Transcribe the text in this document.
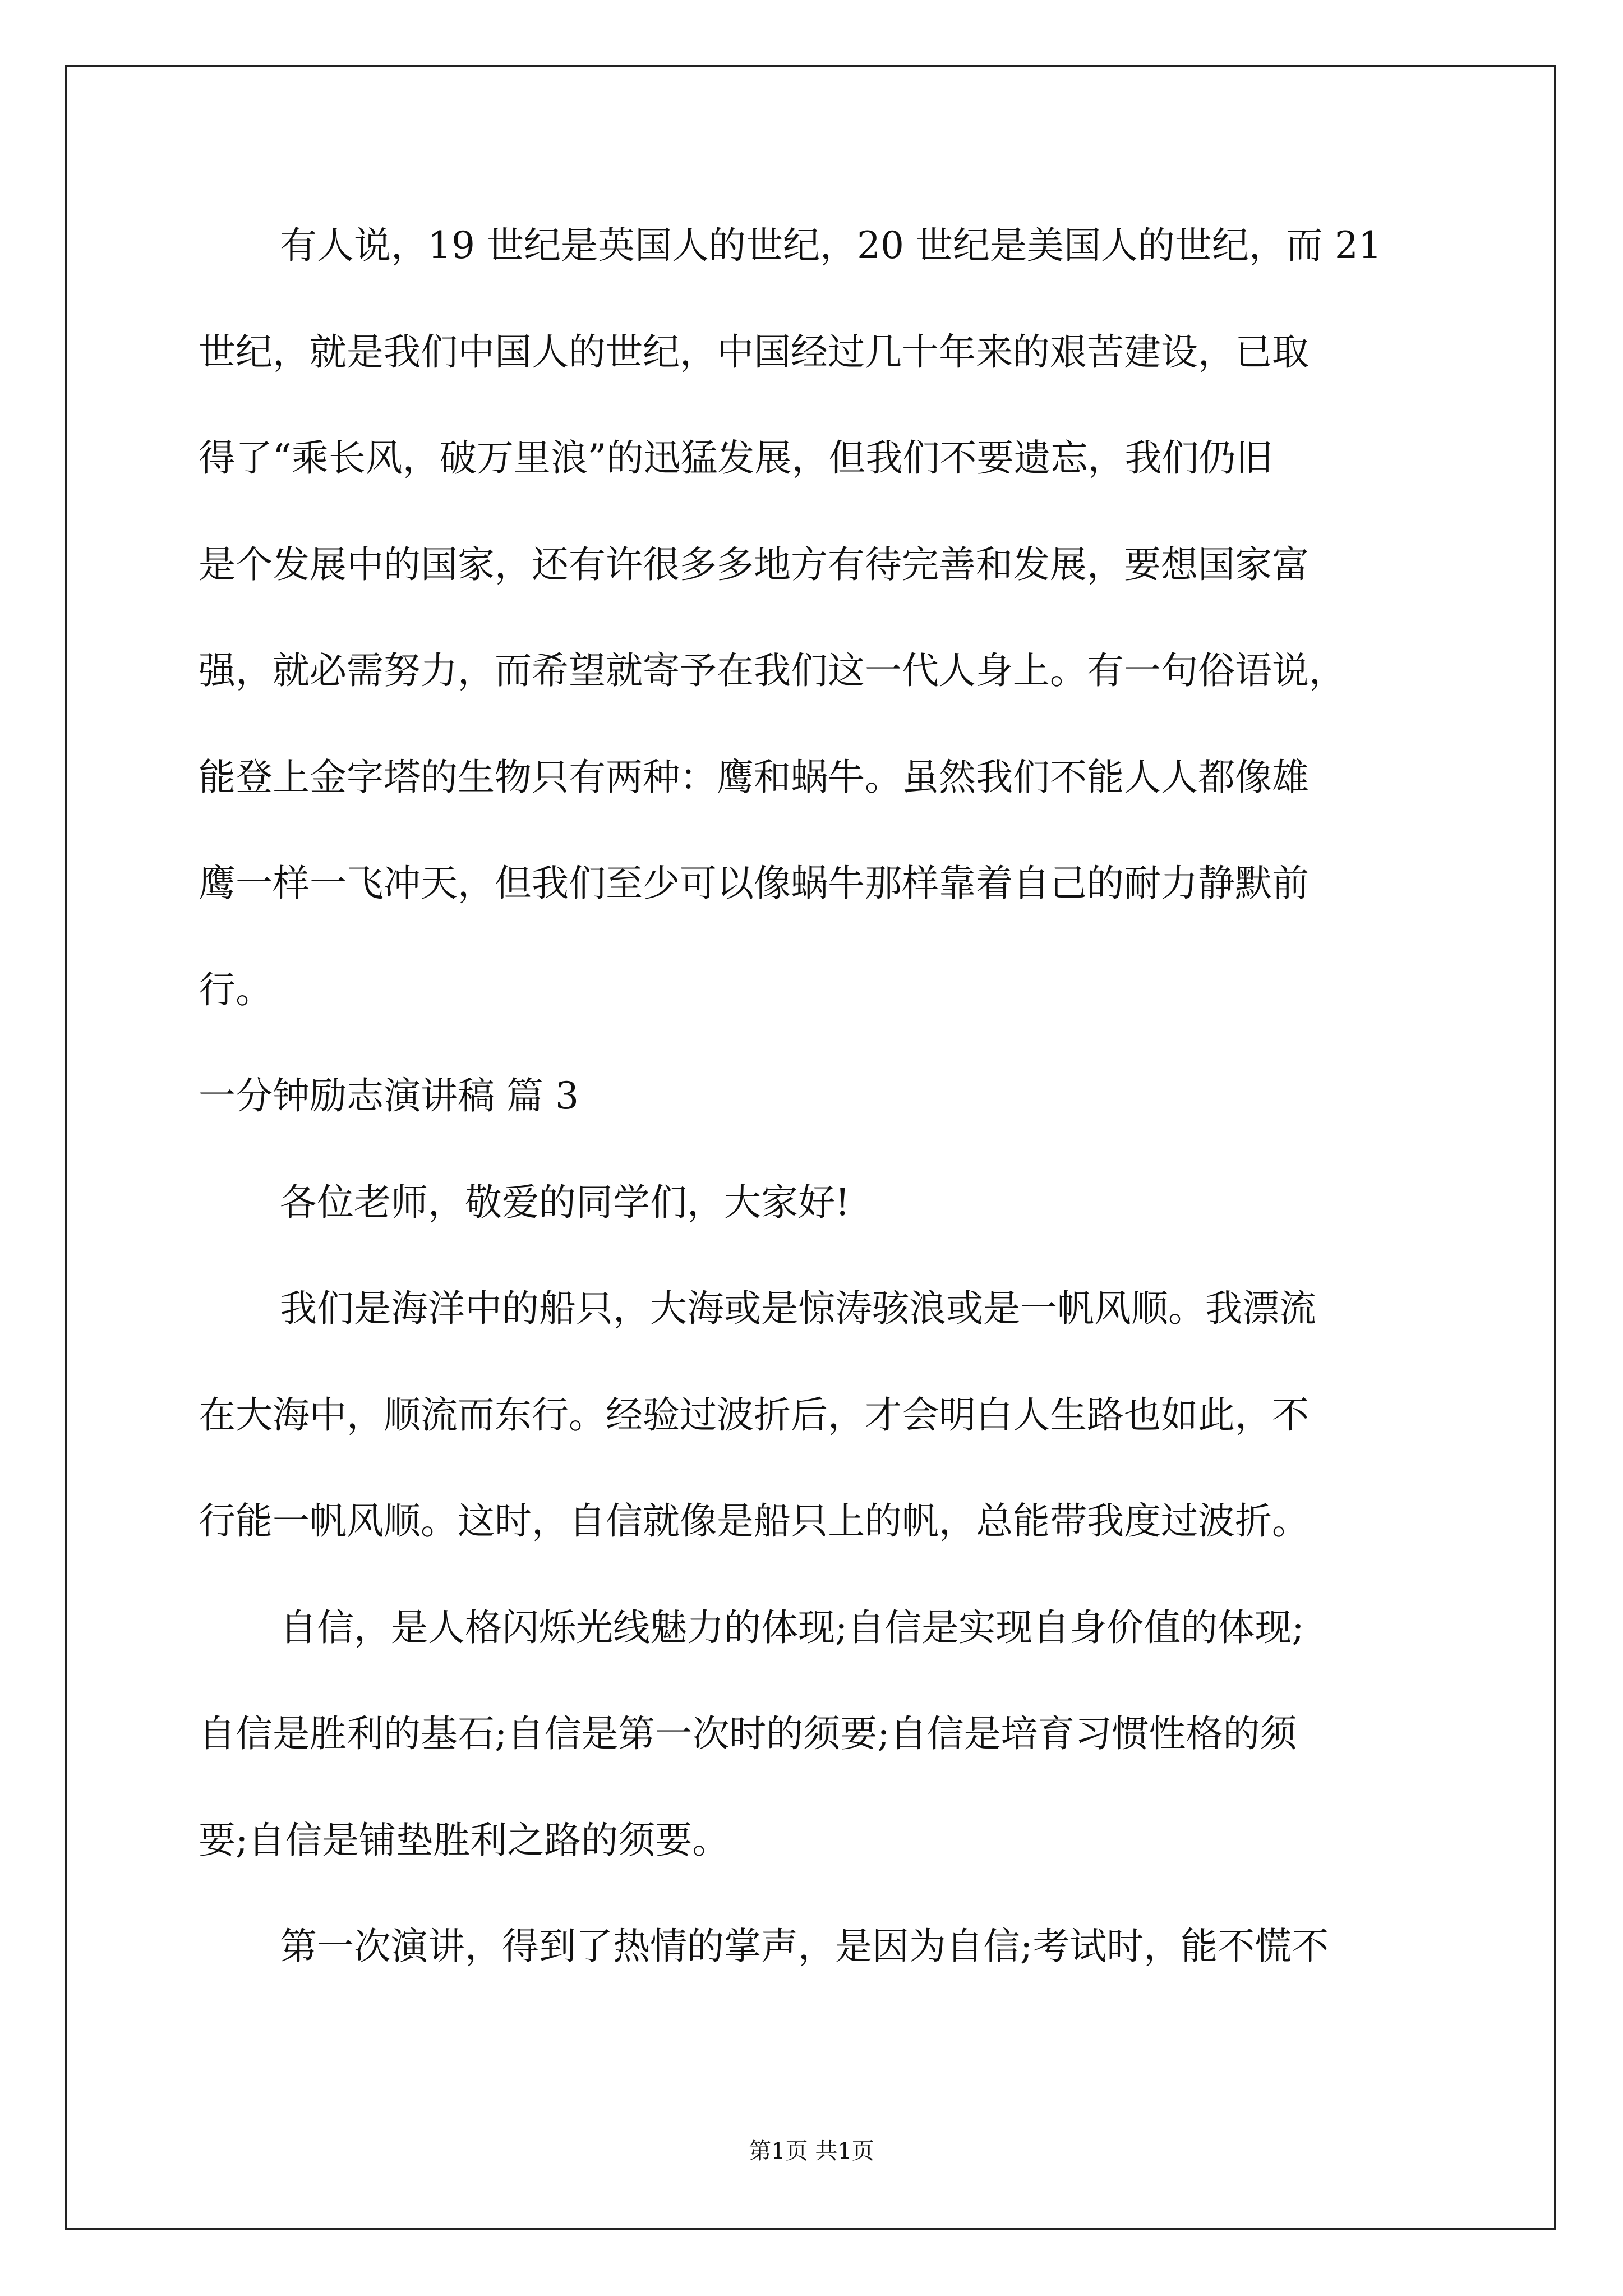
有人说，19 世纪是英国人的世纪，20 世纪是美国人的世纪，而 21
世纪，就是我们中国人的世纪，中国经过几十年来的艰苦建设，已取
得了“乘长风，破万里浪”的迅猛发展，但我们不要遗忘，我们仍旧
是个发展中的国家，还有许很多多地方有待完善和发展，要想国家富
强，就必需努力，而希望就寄予在我们这一代人身上。有一句俗语说，
能登上金字塔的生物只有两种：鹰和蜗牛。虽然我们不能人人都像雄
鹰一样一飞冲天，但我们至少可以像蜗牛那样靠着自己的耐力静默前
行。
一分钟励志演讲稿 篇 3
各位老师，敬爱的同学们，大家好!
我们是海洋中的船只，大海或是惊涛骇浪或是一帆风顺。我漂流
在大海中，顺流而东行。经验过波折后，才会明白人生路也如此，不
行能一帆风顺。这时，自信就像是船只上的帆，总能带我度过波折。
自信，是人格闪烁光线魅力的体现;自信是实现自身价值的体现;
自信是胜利的基石;自信是第一次时的须要;自信是培育习惯性格的须
要;自信是铺垫胜利之路的须要。
第一次演讲，得到了热情的掌声，是因为自信;考试时，能不慌不
第1页 共1页
